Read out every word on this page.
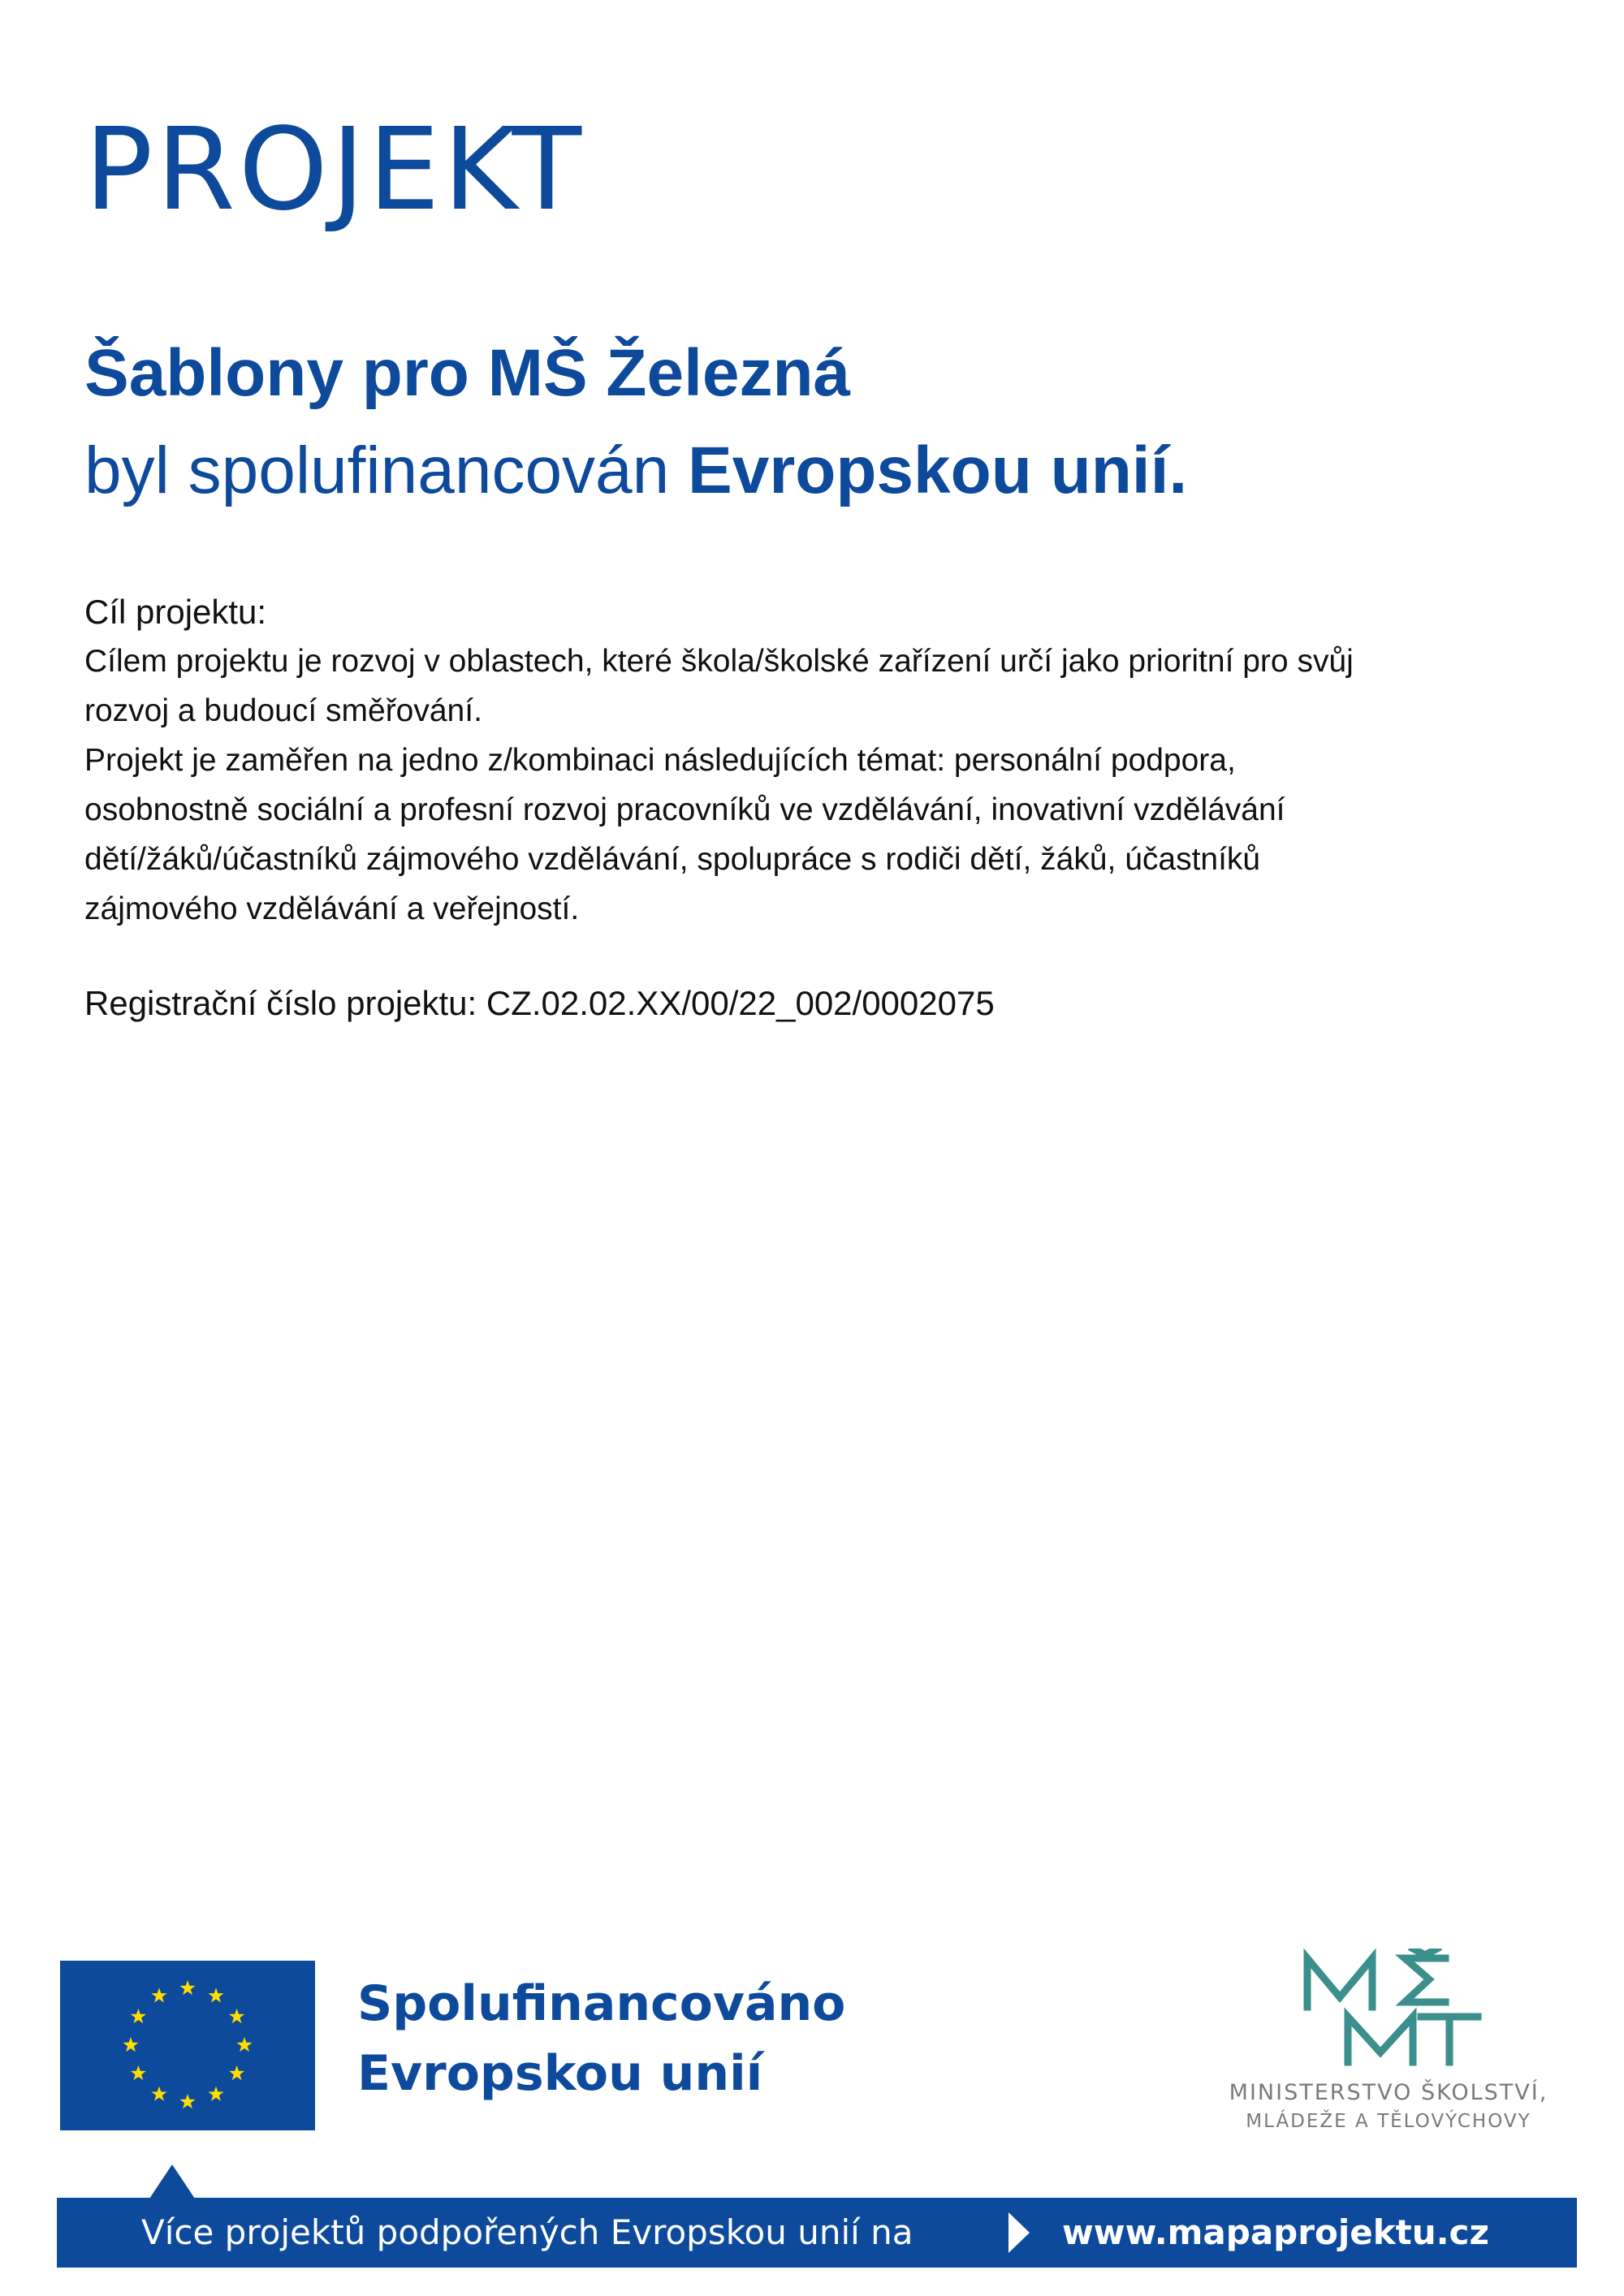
PROJEKT
Šablony pro MŠ Železná
byl spolufinancován Evropskou unií.

Cíl projektu:

Cílem projektu je rozvoj v oblastech, které škola/školské zařízení určí jako prioritní pro svůj

rozvoj a budoucí směřování.

Projekt je zaměřen na jedno z/kombinaci následujících témat: personální podpora,

osobnostně sociální a profesní rozvoj pracovníků ve vzdělávání, inovativní vzdělávání

dětí/žáků/účastníků zájmového vzdělávání, spolupráce s rodiči dětí, žáků, účastníků

zájmového vzdělávání a veřejností.

Registrační číslo projektu: CZ.02.02.XX/00/22_002/0002075

Spolufinancováno
Evropskou unií	MINISTERSTVO ŠKOLSTVÍ,
MLÁDEŽE A TĚLOVÝCHOVY
Více projektů podpořených Evropskou unií na	www.mapaprojektu.cz
